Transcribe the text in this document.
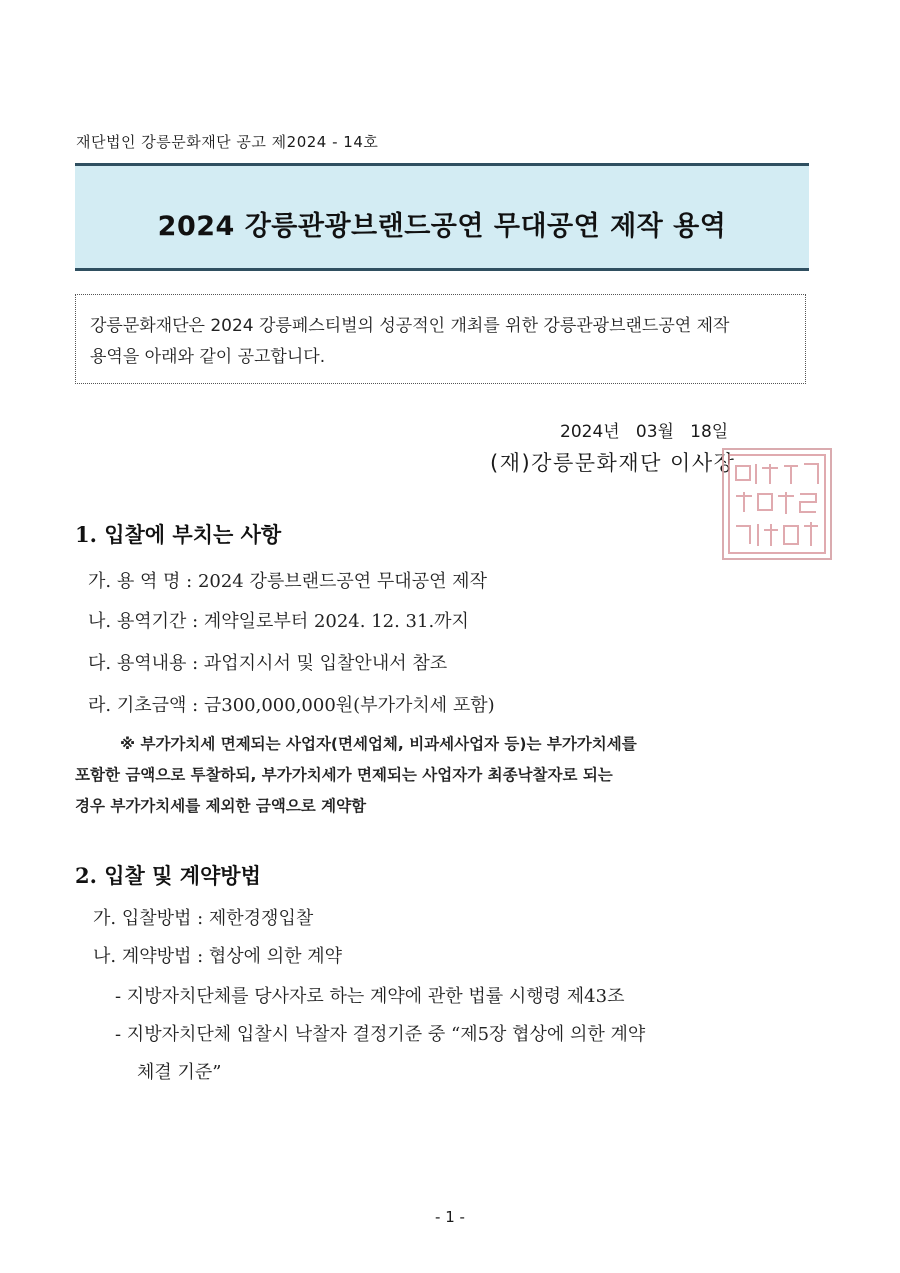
재단법인 강릉문화재단 공고 제2024 - 14호
2024 강릉관광브랜드공연 무대공연 제작 용역
강릉문화재단은 2024 강릉페스티벌의 성공적인 개최를 위한 강릉관광브랜드공연 제작
용역을 아래와 같이 공고합니다.
2024년   03월   18일
(재)강릉문화재단 이사장
1. 입찰에 부치는 사항
가. 용 역 명 : 2024 강릉브랜드공연 무대공연 제작
나. 용역기간 : 계약일로부터 2024. 12. 31.까지
다. 용역내용 : 과업지시서 및 입찰안내서 참조
라. 기초금액 : 금300,000,000원(부가가치세 포함)

※ 부가가치세 면제되는 사업자(면세업체, 비과세사업자 등)는 부가가치세를

포함한 금액으로 투찰하되, 부가가치세가 면제되는 사업자가 최종낙찰자로 되는

경우 부가가치세를 제외한 금액으로 계약함

2. 입찰 및 계약방법
가. 입찰방법 : 제한경쟁입찰
나. 계약방법 : 협상에 의한 계약
- 지방자치단체를 당사자로 하는 계약에 관한 법률 시행령 제43조
- 지방자치단체 입찰시 낙찰자 결정기준 중 “제5장 협상에 의한 계약
체결 기준”
- 1 -
